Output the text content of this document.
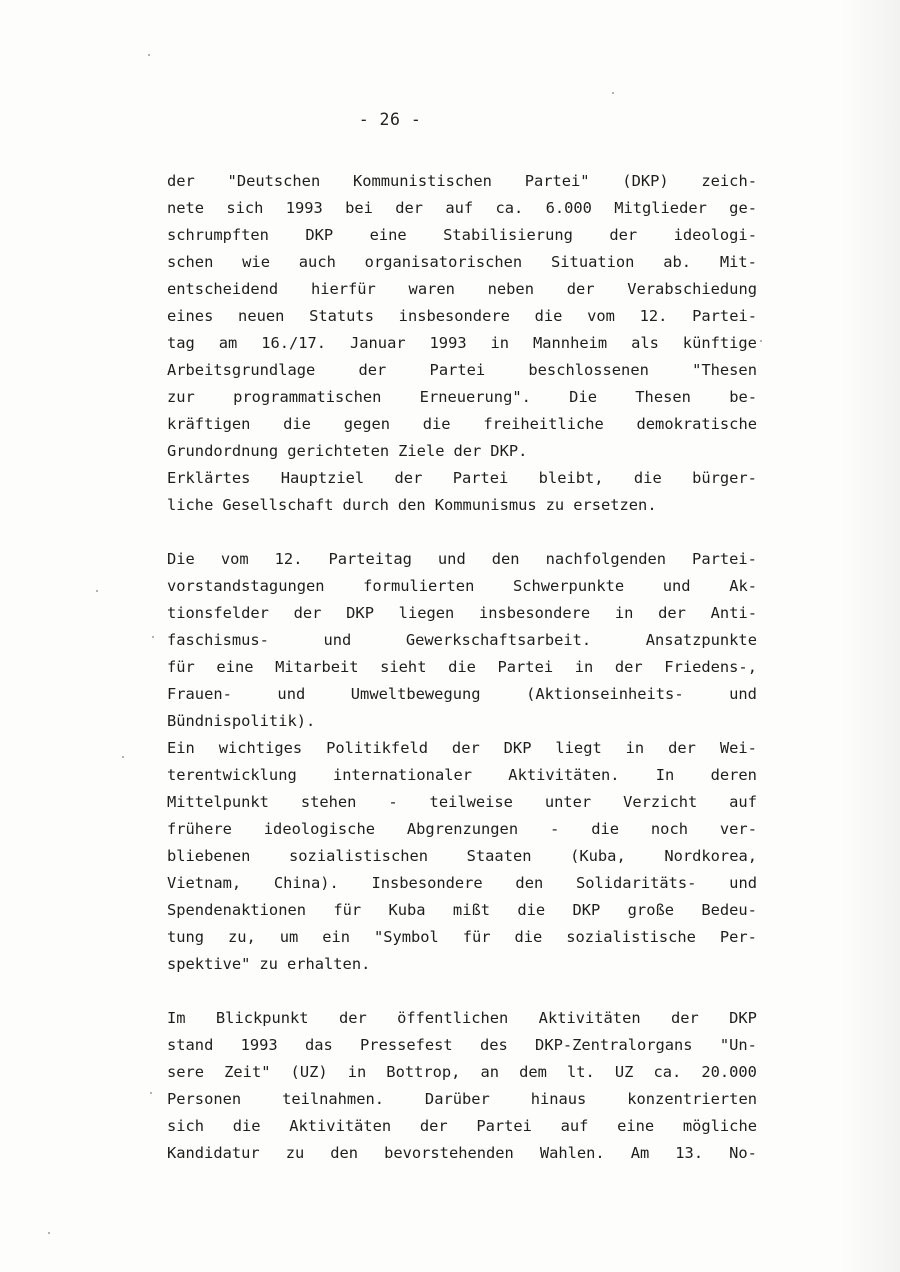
- 26 -
der "Deutschen Kommunistischen Partei" (DKP) zeich-
nete sich 1993 bei der auf ca. 6.000 Mitglieder ge-
schrumpften DKP eine Stabilisierung der ideologi-
schen wie auch organisatorischen Situation ab. Mit-
entscheidend hierfür waren neben der Verabschiedung
eines neuen Statuts insbesondere die vom 12. Partei-
tag am 16./17. Januar 1993 in Mannheim als künftige
Arbeitsgrundlage	der	Partei	beschlossenen	"Thesen
zur programmatischen Erneuerung". Die Thesen be-
kräftigen die gegen die freiheitliche demokratische
Grundordnung gerichteten Ziele der DKP.
Erklärtes Hauptziel der Partei bleibt, die bürger-
liche Gesellschaft durch den Kommunismus zu ersetzen.
Die vom 12. Parteitag und den nachfolgenden Partei-
vorstandstagungen	formulierten	Schwerpunkte	und	Ak-
tionsfelder der DKP liegen insbesondere in der Anti-
faschismus-	und	Gewerkschaftsarbeit.	Ansatzpunkte
für eine Mitarbeit sieht die Partei in der Friedens-,
Frauen-	und	Umweltbewegung	(Aktionseinheits-	und
Bündnispolitik).
Ein wichtiges Politikfeld der DKP liegt in der Wei-
terentwicklung internationaler Aktivitäten. In deren
Mittelpunkt stehen - teilweise unter Verzicht auf
frühere ideologische Abgrenzungen - die noch ver-
bliebenen	sozialistischen	Staaten	(Kuba,	Nordkorea,
Vietnam, China). Insbesondere den Solidaritäts- und
Spendenaktionen für Kuba mißt die DKP große Bedeu-
tung zu, um ein "Symbol für die sozialistische Per-
spektive" zu erhalten.
Im Blickpunkt der öffentlichen Aktivitäten der DKP
stand 1993 das Pressefest des DKP-Zentralorgans "Un-
sere Zeit" (UZ) in Bottrop, an dem lt. UZ ca. 20.000
Personen	teilnahmen.	Darüber	hinaus	konzentrierten
sich die Aktivitäten der Partei auf eine mögliche
Kandidatur zu den bevorstehenden Wahlen. Am 13. No-
